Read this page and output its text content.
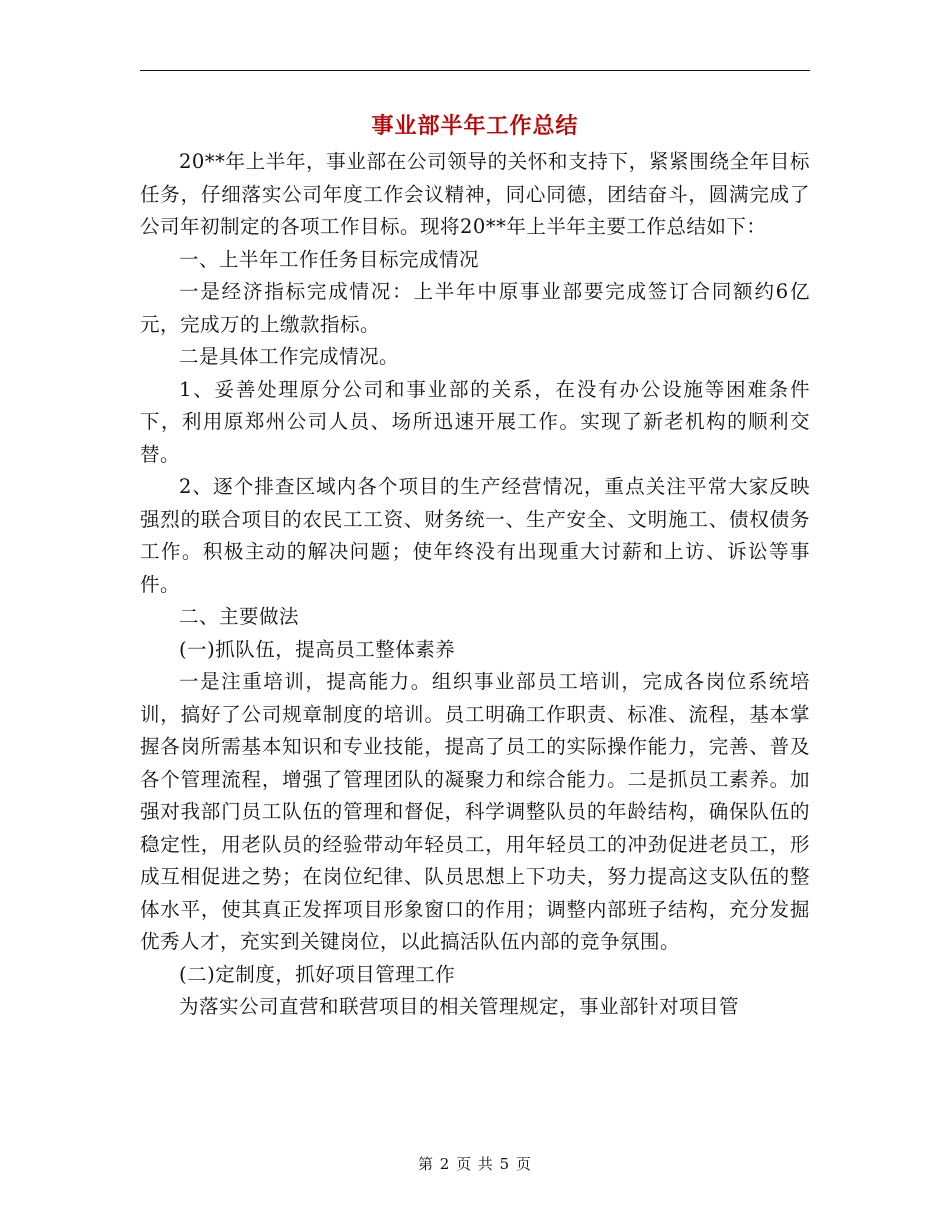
事业部半年工作总结

20**年上半年，事业部在公司领导的关怀和支持下，紧紧围绕全年目标任务，仔细落实公司年度工作会议精神，同心同德，团结奋斗，圆满完成了公司年初制定的各项工作目标。现将20**年上半年主要工作总结如下：

一、上半年工作任务目标完成情况

一是经济指标完成情况：上半年中原事业部要完成签订合同额约6亿元，完成万的上缴款指标。

二是具体工作完成情况。

1、妥善处理原分公司和事业部的关系，在没有办公设施等困难条件下，利用原郑州公司人员、场所迅速开展工作。实现了新老机构的顺利交替。

2、逐个排查区域内各个项目的生产经营情况，重点关注平常大家反映强烈的联合项目的农民工工资、财务统一、生产安全、文明施工、债权债务工作。积极主动的解决问题；使年终没有出现重大讨薪和上访、诉讼等事件。

二、主要做法

(一)抓队伍，提高员工整体素养

一是注重培训，提高能力。组织事业部员工培训，完成各岗位系统培训，搞好了公司规章制度的培训。员工明确工作职责、标准、流程，基本掌握各岗所需基本知识和专业技能，提高了员工的实际操作能力，完善、普及各个管理流程，增强了管理团队的凝聚力和综合能力。二是抓员工素养。加强对我部门员工队伍的管理和督促，科学调整队员的年龄结构，确保队伍的稳定性，用老队员的经验带动年轻员工，用年轻员工的冲劲促进老员工，形成互相促进之势；在岗位纪律、队员思想上下功夫，努力提高这支队伍的整体水平，使其真正发挥项目形象窗口的作用；调整内部班子结构，充分发掘优秀人才，充实到关键岗位，以此搞活队伍内部的竞争氛围。

(二)定制度，抓好项目管理工作

为落实公司直营和联营项目的相关管理规定，事业部针对项目管

第 2 页 共 5 页
